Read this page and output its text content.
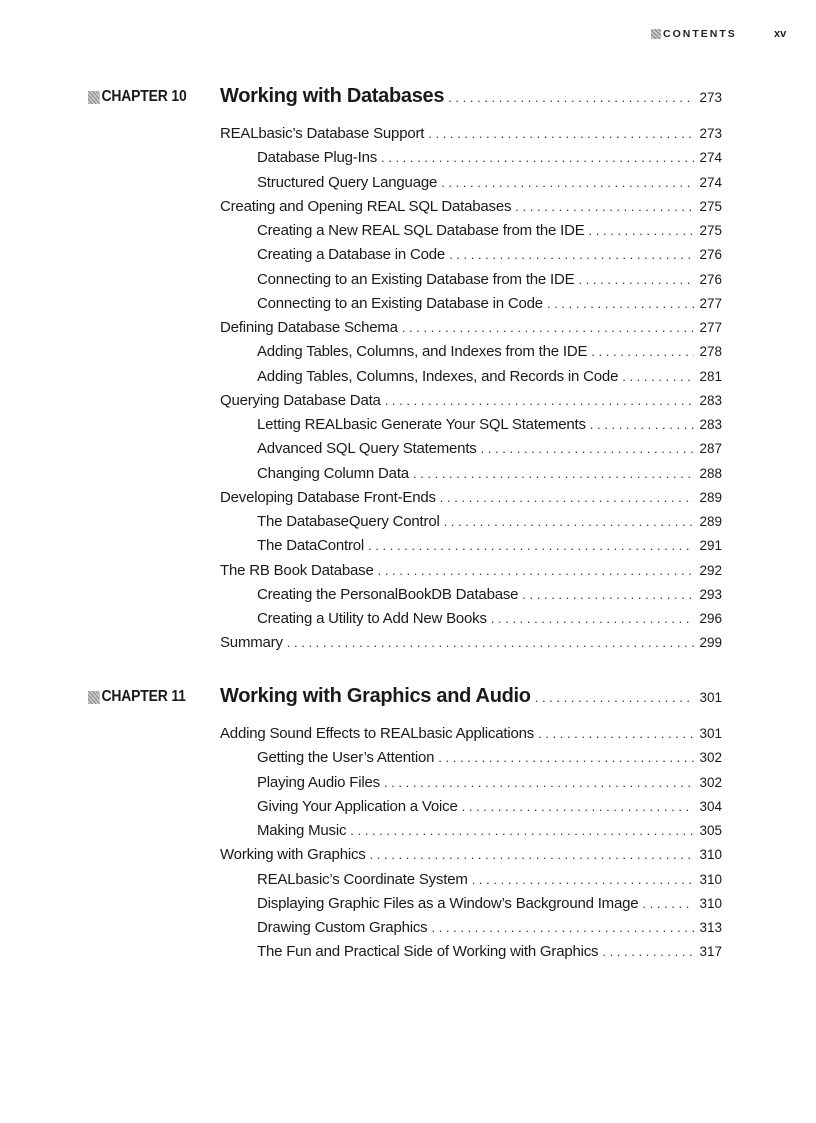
CONTENTS	xv
CHAPTER 10 Working with Databases . . .	273
REALbasic’s Database Support . . .	273
Database Plug-Ins . . .	274
Structured Query Language . . .	274
Creating and Opening REAL SQL Databases . . .	275
Creating a New REAL SQL Database from the IDE . . .	275
Creating a Database in Code . . .	276
Connecting to an Existing Database from the IDE . . .	276
Connecting to an Existing Database in Code . . .	277
Defining Database Schema . . .	277
Adding Tables, Columns, and Indexes from the IDE . . .	278
Adding Tables, Columns, Indexes, and Records in Code . . .	281
Querying Database Data . . .	283
Letting REALbasic Generate Your SQL Statements . . .	283
Advanced SQL Query Statements . . .	287
Changing Column Data . . .	288
Developing Database Front-Ends . . .	289
The DatabaseQuery Control . . .	289
The DataControl . . .	291
The RB Book Database . . .	292
Creating the PersonalBookDB Database . . .	293
Creating a Utility to Add New Books . . .	296
Summary . . .	299
CHAPTER 11 Working with Graphics and Audio . . .	301
Adding Sound Effects to REALbasic Applications . . .	301
Getting the User’s Attention . . .	302
Playing Audio Files . . .	302
Giving Your Application a Voice . . .	304
Making Music . . .	305
Working with Graphics . . .	310
REALbasic’s Coordinate System . . .	310
Displaying Graphic Files as a Window’s Background Image . . .	310
Drawing Custom Graphics . . .	313
The Fun and Practical Side of Working with Graphics . . .	317
